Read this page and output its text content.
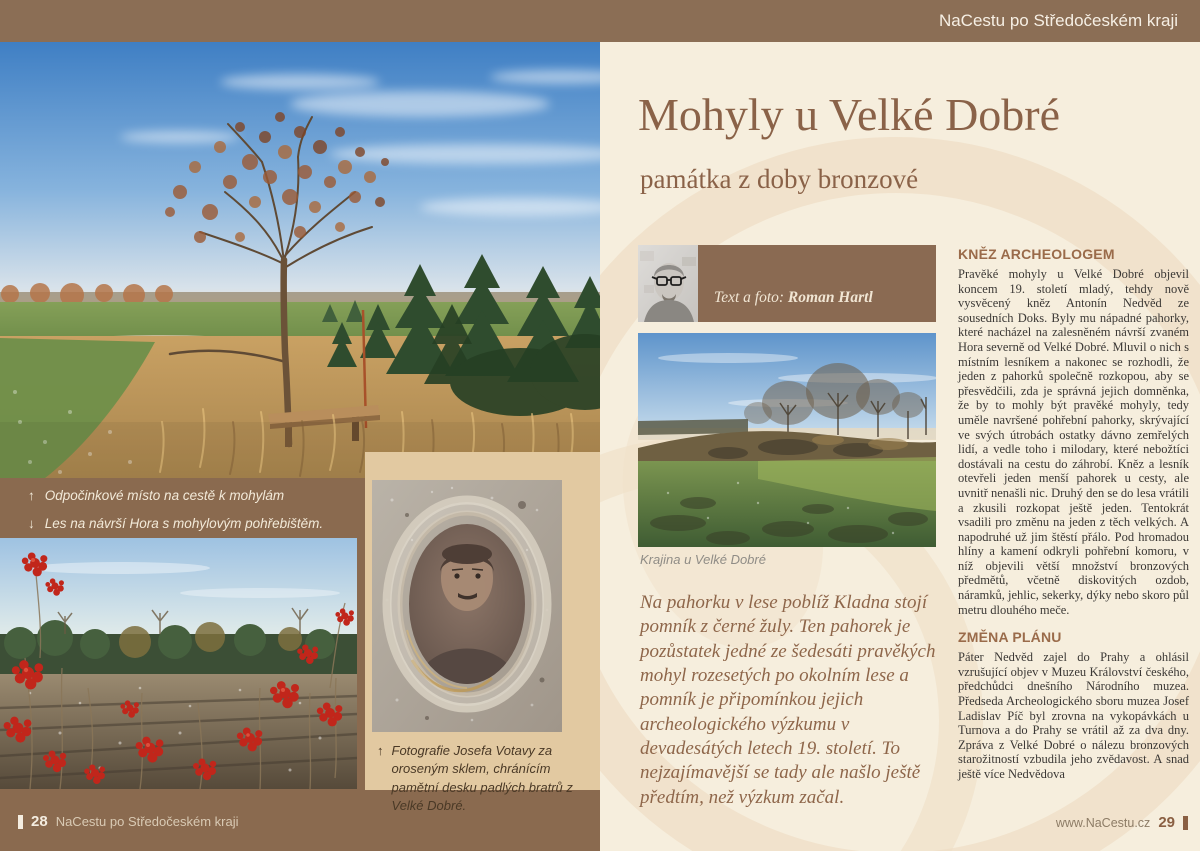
NaCestu po Středočeském kraji
↑ Odpočinkové místo na cestě k mohylám
↓ Les na návrší Hora s mohylovým pohřebištěm.
↑ Fotografie Josefa Votavy za oroseným sklem, chránícím pamětní desku padlých bratrů z Velké Dobré.
28 NaCestu po Středočeském kraji
Mohyly u Velké Dobré
památka z doby bronzové
Text a foto: Roman Hartl
Krajina u Velké Dobré
Na pahorku v lese poblíž Kladna stojí pomník z černé žuly. Ten pahorek je pozůstatek jedné ze šedesáti pravěkých mohyl rozesetých po okolním lese a pomník je připomínkou jejich archeologického výzkumu v devadesátých letech 19. století. To nejzajímavější se tady ale našlo ještě předtím, než výzkum začal.
KNĚZ ARCHEOLOGEM

Pravěké mohyly u Velké Dobré objevil koncem 19. století mladý, tehdy nově vysvěcený kněz Antonín Nedvěd ze sousedních Doks. Byly mu nápadné pahorky, které nacházel na zalesněném návrší zvaném Hora severně od Velké Dobré. Mluvil o nich s místním lesníkem a nakonec se rozhodli, že jeden z pahorků společně rozkopou, aby se přesvědčili, zda je správná jejich domněnka, že by to mohly být pravěké mohyly, tedy uměle navršené pohřební pahorky, skrývající ve svých útrobách ostatky dávno zemřelých lidí, a vedle toho i milodary, které nebožtíci dostávali na cestu do záhrobí. Kněz a lesník otevřeli jeden menší pahorek u cesty, ale uvnitř nenašli nic. Druhý den se do lesa vrátili a zkusili rozkopat ještě jeden. Tentokrát vsadili pro změnu na jeden z těch velkých. A napodruhé už jim štěstí přálo. Pod hromadou hlíny a kamení odkryli pohřební komoru, v níž objevili větší množství bronzových předmětů, včetně diskovitých ozdob, náramků, jehlic, sekerky, dýky nebo skoro půl metru dlouhého meče.

ZMĚNA PLÁNU

Páter Nedvěd zajel do Prahy a ohlásil vzrušující objev v Muzeu Království českého, předchůdci dnešního Národního muzea. Předseda Archeologického sboru muzea Josef Ladislav Píč byl zrovna na vykopávkách u Turnova a do Prahy se vrátil až za dva dny. Zpráva z Velké Dobré o nálezu bronzových starožitností vzbudila jeho zvědavost. A snad ještě více Nedvědova

www.NaCestu.cz 29
